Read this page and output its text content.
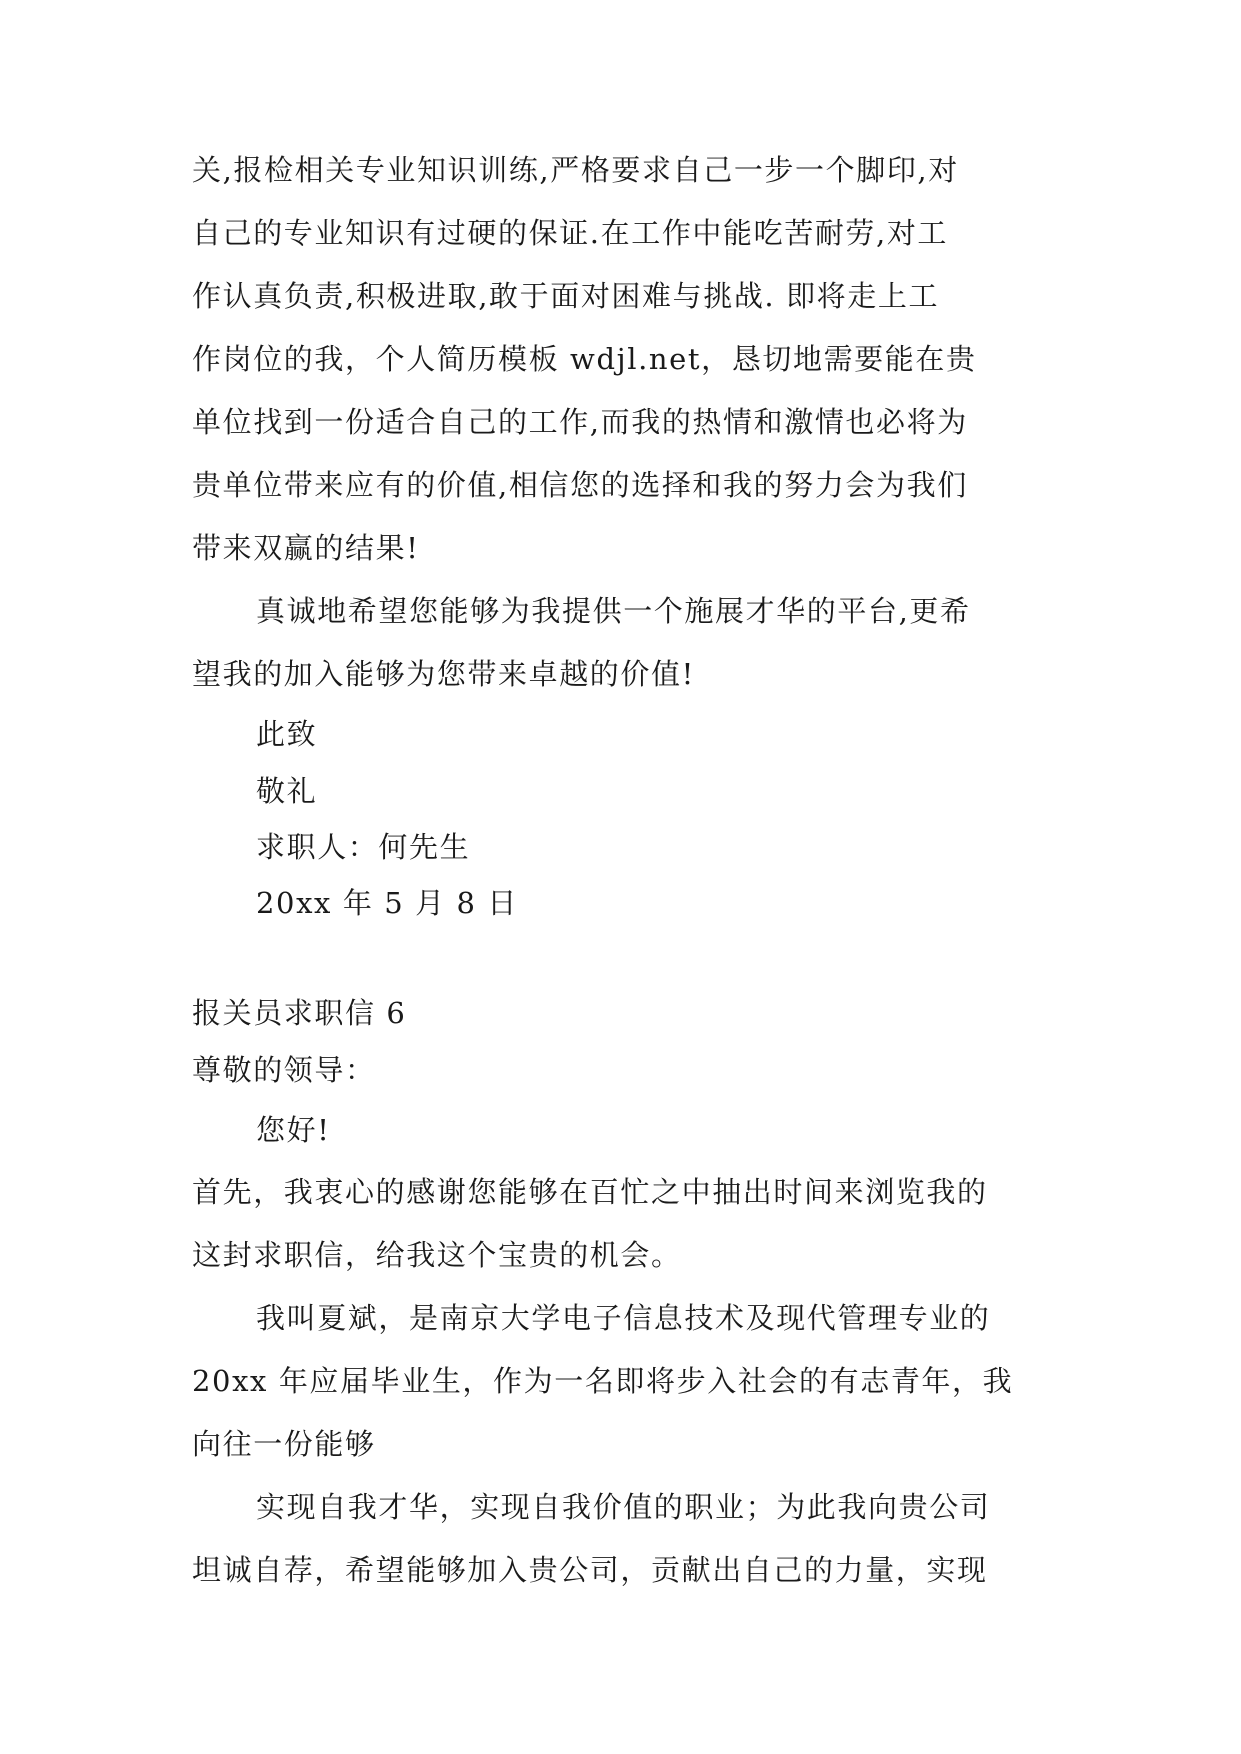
关,报检相关专业知识训练,严格要求自己一步一个脚印,对

自己的专业知识有过硬的保证.在工作中能吃苦耐劳,对工

作认真负责,积极进取,敢于面对困难与挑战. 即将走上工

作岗位的我，个人简历模板 wdjl.net，恳切地需要能在贵

单位找到一份适合自己的工作,而我的热情和激情也必将为

贵单位带来应有的价值,相信您的选择和我的努力会为我们

带来双赢的结果!

真诚地希望您能够为我提供一个施展才华的平台,更希

望我的加入能够为您带来卓越的价值!

此致

敬礼

求职人：何先生

20xx 年 5 月 8 日

报关员求职信 6

尊敬的领导：

您好!

首先，我衷心的感谢您能够在百忙之中抽出时间来浏览我的

这封求职信，给我这个宝贵的机会。

我叫夏斌，是南京大学电子信息技术及现代管理专业的

20xx 年应届毕业生，作为一名即将步入社会的有志青年，我

向往一份能够

实现自我才华，实现自我价值的职业；为此我向贵公司

坦诚自荐，希望能够加入贵公司，贡献出自己的力量，实现
